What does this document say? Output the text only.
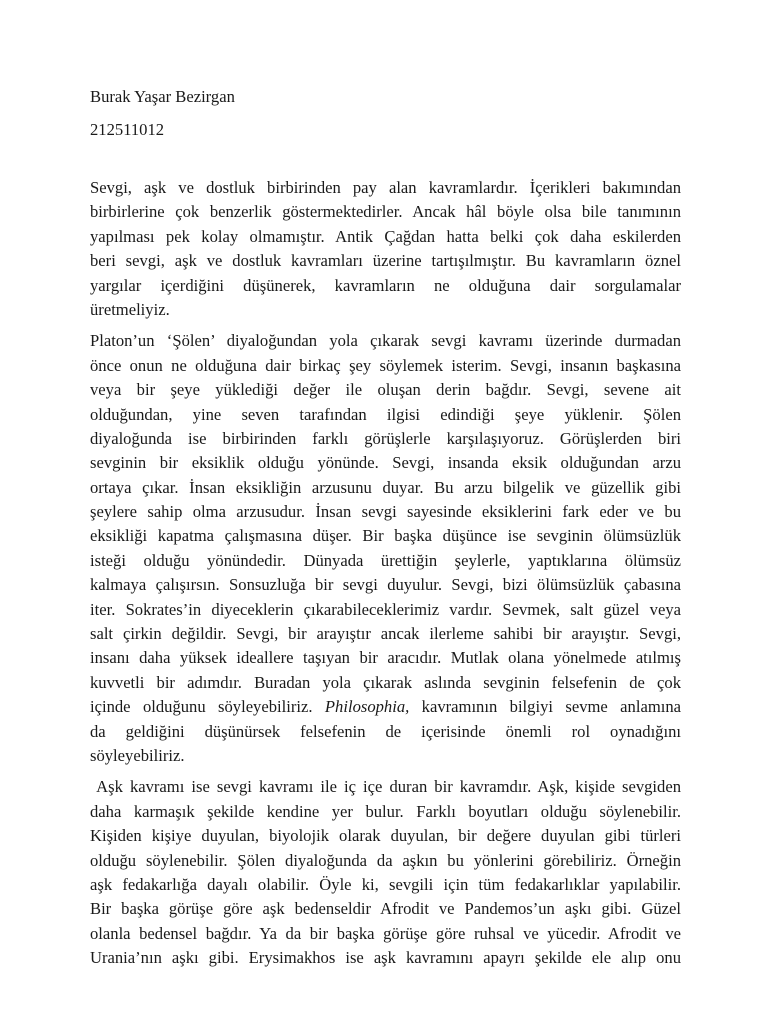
Burak Yaşar Bezirgan
212511012
Sevgi, aşk ve dostluk birbirinden pay alan kavramlardır. İçerikleri bakımından
birbirlerine çok benzerlik göstermektedirler. Ancak hâl böyle olsa bile tanımının
yapılması pek kolay olmamıştır. Antik Çağdan hatta belki çok daha eskilerden
beri sevgi, aşk ve dostluk kavramları üzerine tartışılmıştır. Bu kavramların öznel
yargılar içerdiğini düşünerek, kavramların ne olduğuna dair sorgulamalar
üretmeliyiz.
Platon’un ‘Şölen’ diyaloğundan yola çıkarak sevgi kavramı üzerinde durmadan
önce onun ne olduğuna dair birkaç şey söylemek isterim. Sevgi, insanın başkasına
veya bir şeye yüklediği değer ile oluşan derin bağdır. Sevgi, sevene ait
olduğundan, yine seven tarafından ilgisi edindiği şeye yüklenir. Şölen
diyaloğunda ise birbirinden farklı görüşlerle karşılaşıyoruz. Görüşlerden biri
sevginin bir eksiklik olduğu yönünde. Sevgi, insanda eksik olduğundan arzu
ortaya çıkar. İnsan eksikliğin arzusunu duyar. Bu arzu bilgelik ve güzellik gibi
şeylere sahip olma arzusudur. İnsan sevgi sayesinde eksiklerini fark eder ve bu
eksikliği kapatma çalışmasına düşer. Bir başka düşünce ise sevginin ölümsüzlük
isteği olduğu yönündedir. Dünyada ürettiğin şeylerle, yaptıklarına ölümsüz
kalmaya çalışırsın. Sonsuzluğa bir sevgi duyulur. Sevgi, bizi ölümsüzlük çabasına
iter. Sokrates’in diyeceklerin çıkarabileceklerimiz vardır. Sevmek, salt güzel veya
salt çirkin değildir. Sevgi, bir arayıştır ancak ilerleme sahibi bir arayıştır. Sevgi,
insanı daha yüksek ideallere taşıyan bir aracıdır. Mutlak olana yönelmede atılmış
kuvvetli bir adımdır. Buradan yola çıkarak aslında sevginin felsefenin de çok
içinde olduğunu söyleyebiliriz. Philosophia, kavramının bilgiyi sevme anlamına
da geldiğini düşünürsek felsefenin de içerisinde önemli rol oynadığını
söyleyebiliriz.
Aşk kavramı ise sevgi kavramı ile iç içe duran bir kavramdır. Aşk, kişide sevgiden
daha karmaşık şekilde kendine yer bulur. Farklı boyutları olduğu söylenebilir.
Kişiden kişiye duyulan, biyolojik olarak duyulan, bir değere duyulan gibi türleri
olduğu söylenebilir. Şölen diyaloğunda da aşkın bu yönlerini görebiliriz. Örneğin
aşk fedakarlığa dayalı olabilir. Öyle ki, sevgili için tüm fedakarlıklar yapılabilir.
Bir başka görüşe göre aşk bedenseldir Afrodit ve Pandemos’un aşkı gibi. Güzel
olanla bedensel bağdır. Ya da bir başka görüşe göre ruhsal ve yücedir. Afrodit ve
Urania’nın aşkı gibi. Erysimakhos ise aşk kavramını apayrı şekilde ele alıp onu
